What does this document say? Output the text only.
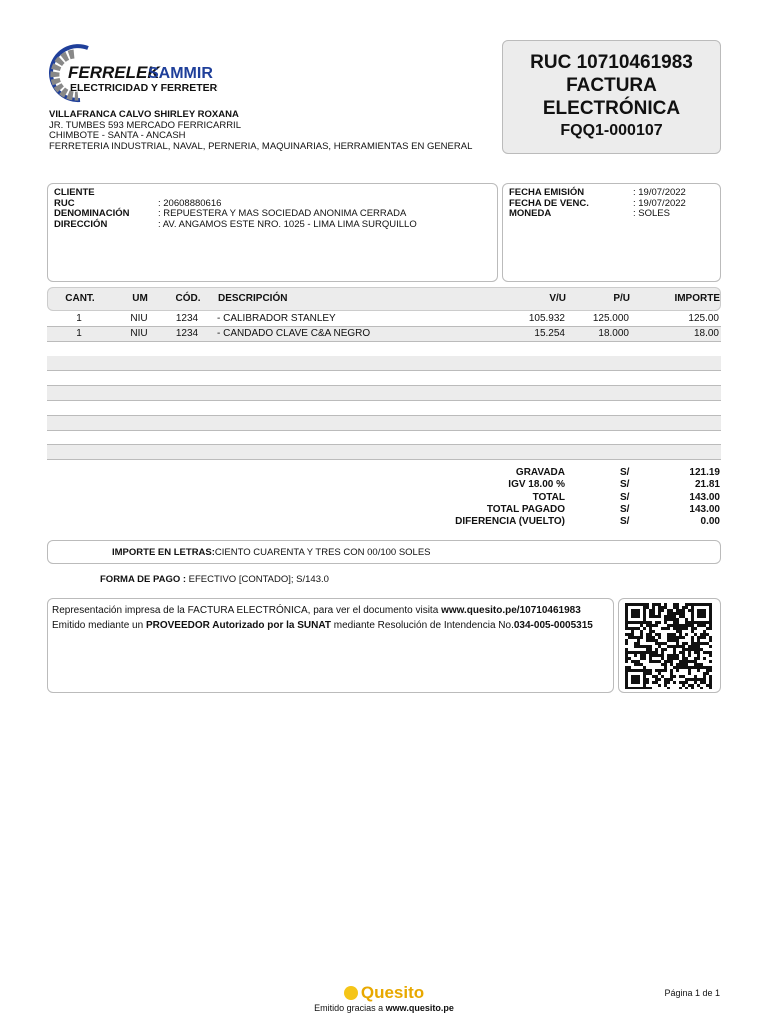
FERRELEK
SAMMIR
ELECTRICIDAD Y FERRETERIA
VILLAFRANCA CALVO SHIRLEY ROXANA
JR. TUMBES 593 MERCADO FERRICARRIL
CHIMBOTE - SANTA - ANCASH
FERRETERIA INDUSTRIAL, NAVAL, PERNERIA, MAQUINARIAS, HERRAMIENTAS EN GENERAL
RUC 10710461983
FACTURA
ELECTRÓNICA
FQQ1-000107
CLIENTE
RUC	: 20608880616
DENOMINACIÓN	: REPUESTERA Y MAS SOCIEDAD ANONIMA CERRADA
DIRECCIÓN	: AV. ANGAMOS ESTE NRO. 1025 - LIMA LIMA SURQUILLO
FECHA EMISIÓN	: 19/07/2022
FECHA DE VENC.	: 19/07/2022
MONEDA	: SOLES
CANT.	UM	CÓD.	DESCRIPCIÓN	V/U	P/U	IMPORTE
1	NIU	1234	- CALIBRADOR STANLEY	105.932	125.000	125.00
1	NIU	1234	- CANDADO CLAVE C&A NEGRO	15.254	18.000	18.00
GRAVADA	S/	121.19
IGV 18.00 %	S/	21.81
TOTAL	S/	143.00
TOTAL PAGADO	S/	143.00
DIFERENCIA (VUELTO)	S/	0.00
IMPORTE EN LETRAS:CIENTO CUARENTA Y TRES CON 00/100 SOLES
FORMA DE PAGO : EFECTIVO [CONTADO]; S/143.0
Representación impresa de la FACTURA ELECTRÓNICA, para ver el documento visita www.quesito.pe/10710461983
Emitido mediante un PROVEEDOR Autorizado por la SUNAT mediante Resolución de Intendencia No.034-005-0005315
Quesito
Emitido gracias a www.quesito.pe
Página 1 de 1
